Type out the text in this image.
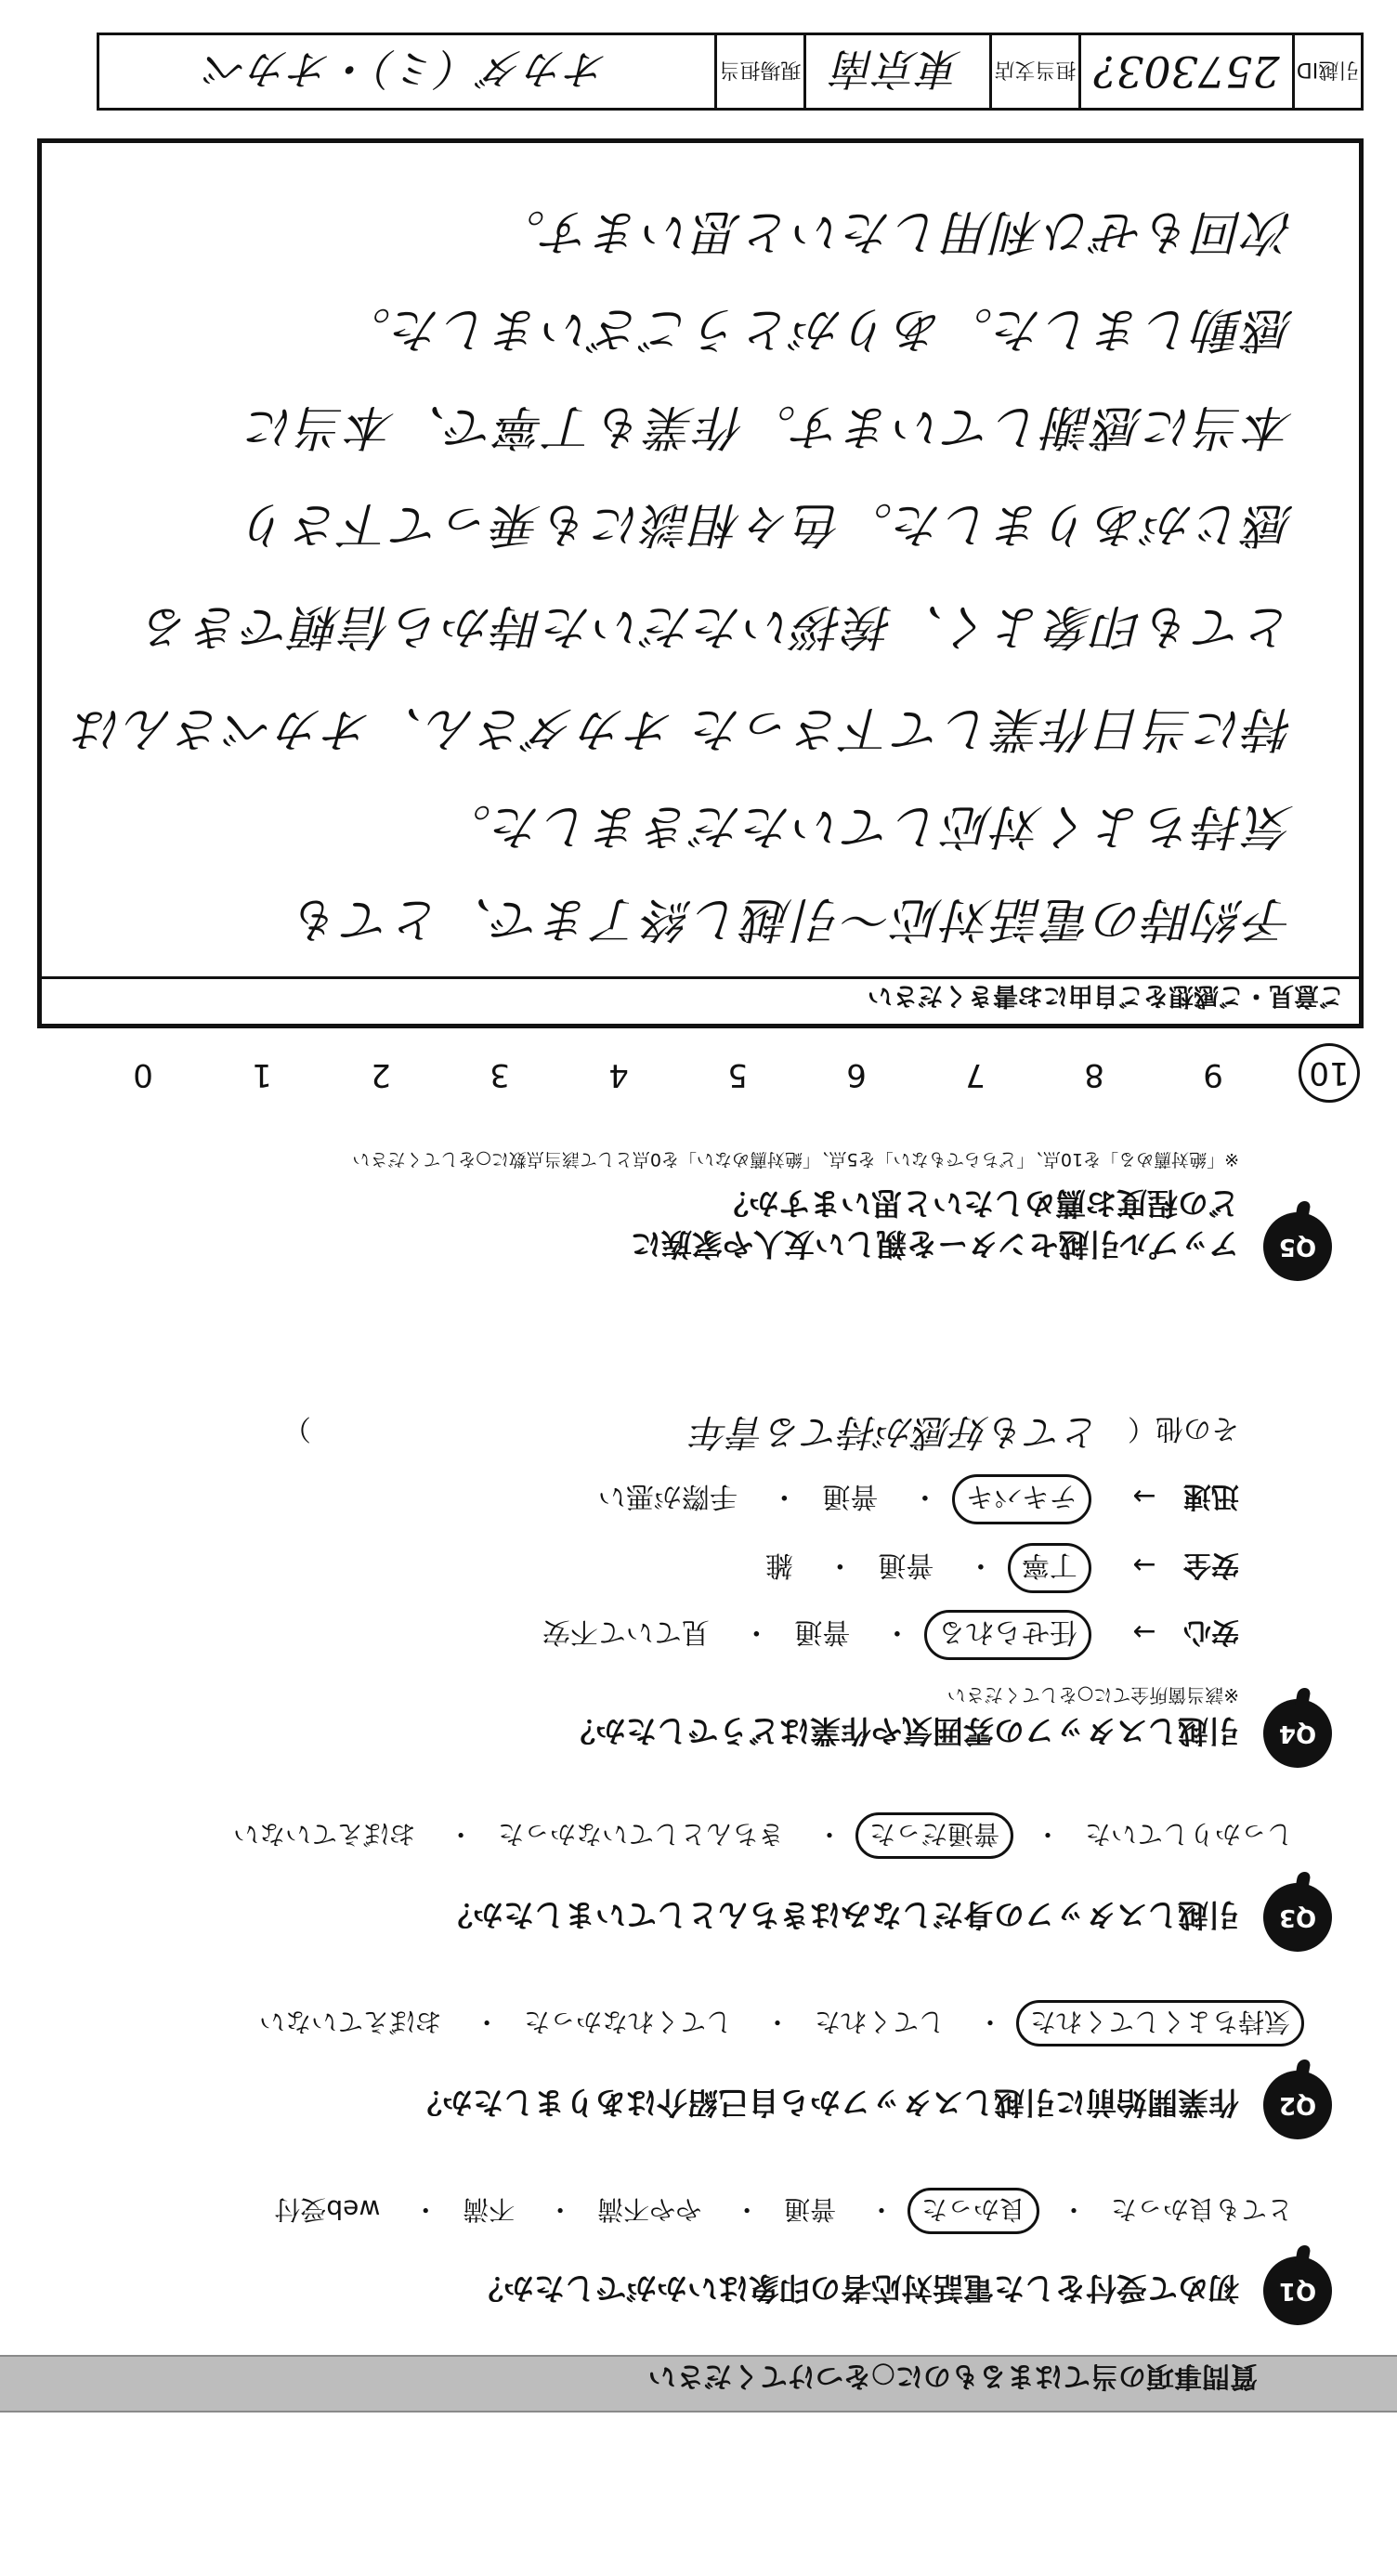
質問事項の当てはまるものに○をつけてください
Q1
初めて受付をした電話対応者の印象はいかがでしたか？
とても良かった・ 良かった・ 普通・ やや不満・ 不満・ web受付
Q2
作業開始前に引越しスタッフから自己紹介はありましたか？
気持ちよくしてくれた・ してくれた・ してくれなかった・ おぼえていない
Q3
引越しスタッフの身だしなみはきちんとしていましたか？
しっかりしていた・ 普通だった・ きちんとしていなかった・ おぼえていない
Q4
引越しスタッフの雰囲気や作業はどうでしたか？
※該当箇所全てに○をしてください
安心 → 任せられる・ 普通・ 見ていて不安
安全 → 丁寧・ 普通・ 雑
迅速 → テキパキ・ 普通・ 手際が悪い
その他（ とても好感が持てる青年 ）
Q5
アップル引越センターを親しい友人や家族に
どの程度お薦めしたいと思いますか？
※「絶対薦める」を10点、「どちらでもない」を5点、「絶対薦めない」を0点として該当点数に○をしてください
10
9
8
7
6
5
4
3
2
1
0
ご意見・ご感想をご自由にお書きください
予約時の電話対応〜引越し終了まで、とても
気持ちよく対応していただきました。
特に当日作業して下さった オカダさん、オカベさんは
とても印象よく、挨拶いただいた時から信頼できる
感じがありました。色々相談にも乗って下さり
本当に感謝しています。作業も丁寧で、本当に
感動しました。ありがとうございました。
次回もぜひ利用したいと思います。
引越ID
257303?
担当支店
東京南
現場担当
オカダ（ミ）・オカベ
